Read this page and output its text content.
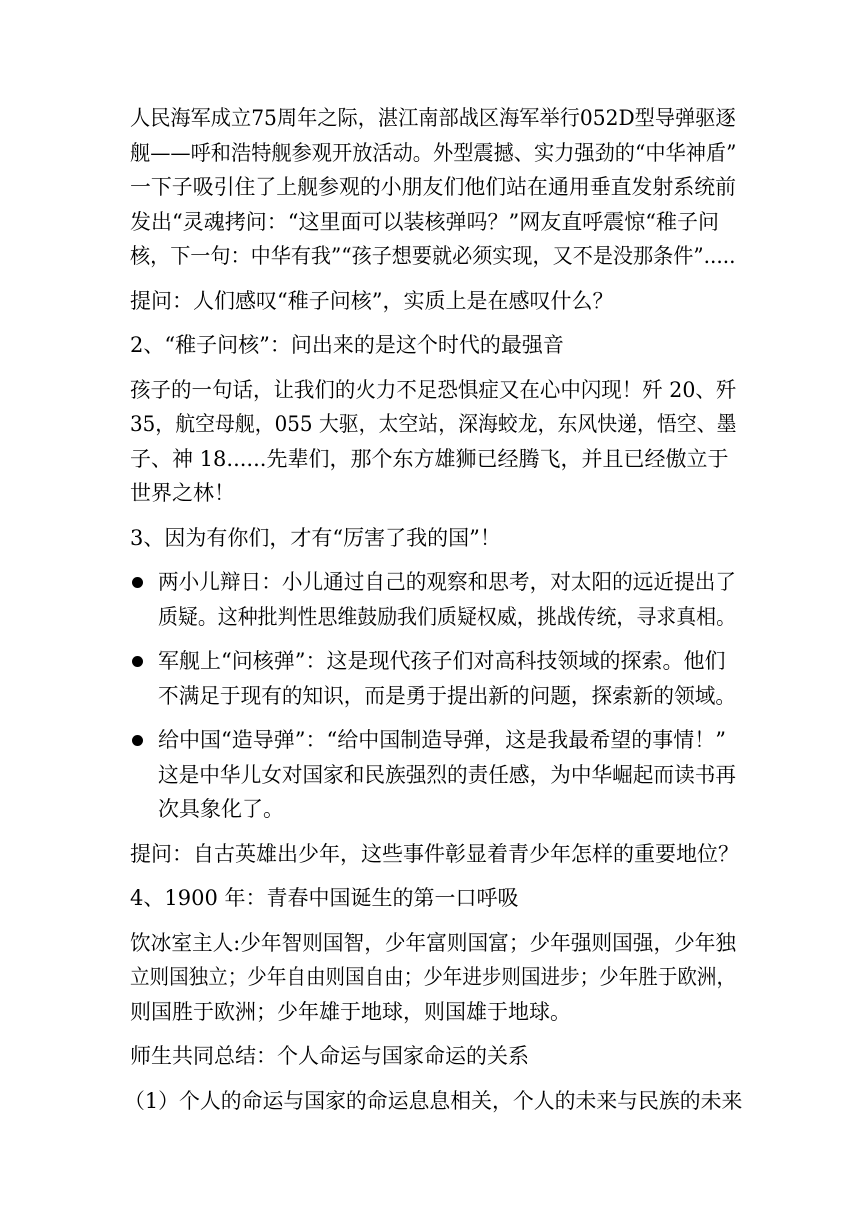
人民海军成立75周年之际，湛江南部战区海军举行052D型导弹驱逐
舰——呼和浩特舰参观开放活动。外型震撼、实力强劲的“中华神盾”
一下子吸引住了上舰参观的小朋友们他们站在通用垂直发射系统前
发出“灵魂拷问：“这里面可以装核弹吗？”网友直呼震惊“稚子问
核，下一句：中华有我”“孩子想要就必须实现，又不是没那条件”.....
提问：人们感叹“稚子问核”，实质上是在感叹什么？
2、“稚子问核”：问出来的是这个时代的最强音
孩子的一句话，让我们的火力不足恐惧症又在心中闪现！歼 20、歼
35，航空母舰，055 大驱，太空站，深海蛟龙，东风快递，悟空、墨
子、神 18......先辈们，那个东方雄狮已经腾飞，并且已经傲立于
世界之林！
3、因为有你们，才有“厉害了我的国”！
两小儿辩日：小儿通过自己的观察和思考，对太阳的远近提出了
质疑。这种批判性思维鼓励我们质疑权威，挑战传统，寻求真相。
军舰上“问核弹”：这是现代孩子们对高科技领域的探索。他们
不满足于现有的知识，而是勇于提出新的问题，探索新的领域。
给中国“造导弹”：“给中国制造导弹，这是我最希望的事情！”
这是中华儿女对国家和民族强烈的责任感，为中华崛起而读书再
次具象化了。
提问：自古英雄出少年，这些事件彰显着青少年怎样的重要地位？
4、1900 年：青春中国诞生的第一口呼吸
饮冰室主人:少年智则国智，少年富则国富；少年强则国强，少年独
立则国独立；少年自由则国自由；少年进步则国进步；少年胜于欧洲，
则国胜于欧洲；少年雄于地球，则国雄于地球。
师生共同总结：个人命运与国家命运的关系
（1）个人的命运与国家的命运息息相关，个人的未来与民族的未来
